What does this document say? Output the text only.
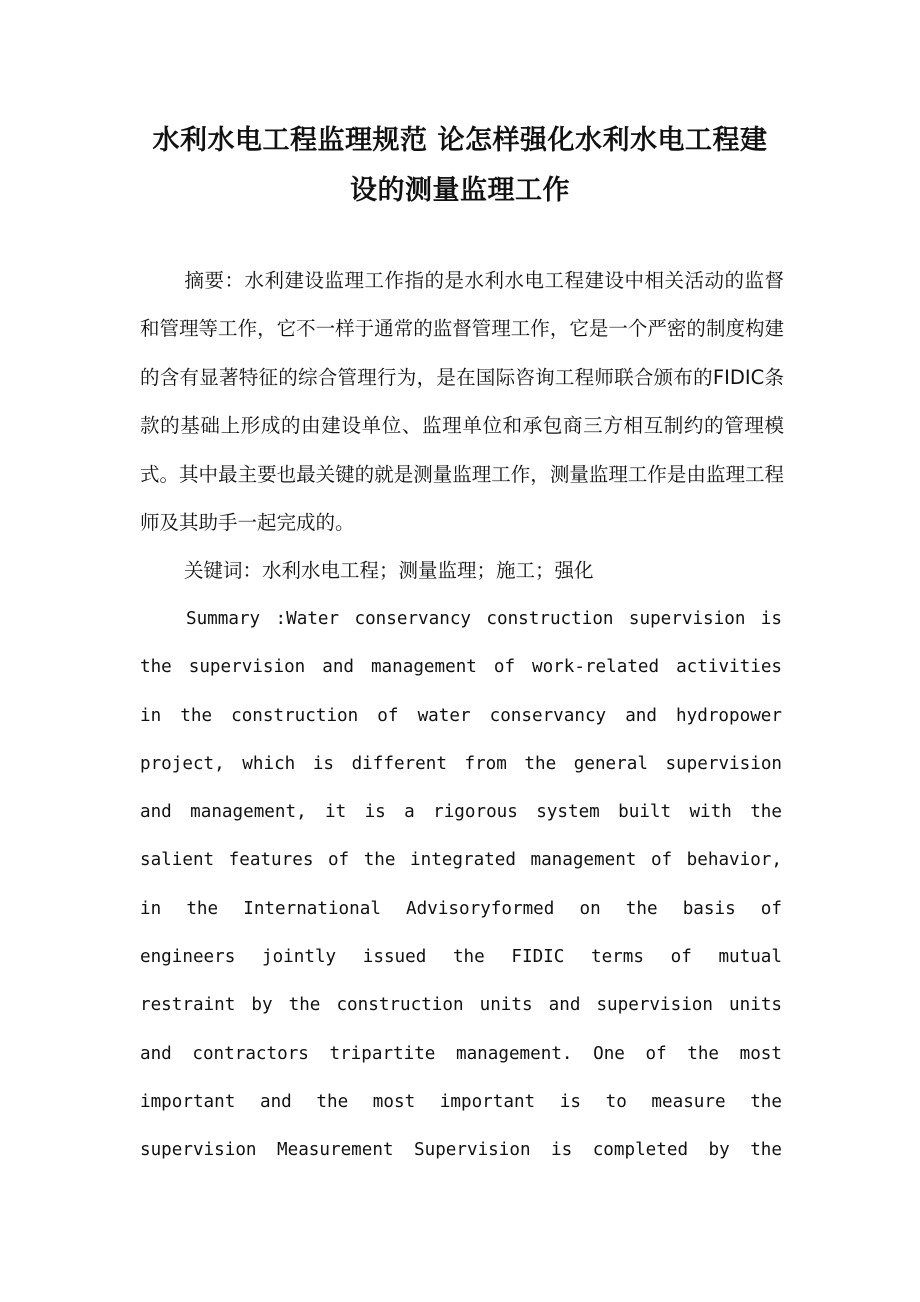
水利水电工程监理规范 论怎样强化水利水电工程建
设的测量监理工作

摘要：水利建设监理工作指的是水利水电工程建设中相关活动的监督和管理等工作，它不一样于通常的监督管理工作，它是一个严密的制度构建的含有显著特征的综合管理行为，是在国际咨询工程师联合颁布的FIDIC条款的基础上形成的由建设单位、监理单位和承包商三方相互制约的管理模式。其中最主要也最关键的就是测量监理工作，测量监理工作是由监理工程师及其助手一起完成的。

关键词：水利水电工程；测量监理；施工；强化

Summary :Water conservancy construction supervision is
the supervision and management of work-related activities
in the construction of water conservancy and hydropower
project, which is different from the general supervision
and management, it is a rigorous system built with the
salient features of the integrated management of behavior,
in the International Advisoryformed on the basis of
engineers jointly issued the FIDIC terms of mutual
restraint by the construction units and supervision units
and contractors tripartite management. One of the most
important and the most important is to measure the
supervision Measurement Supervision is completed by the
